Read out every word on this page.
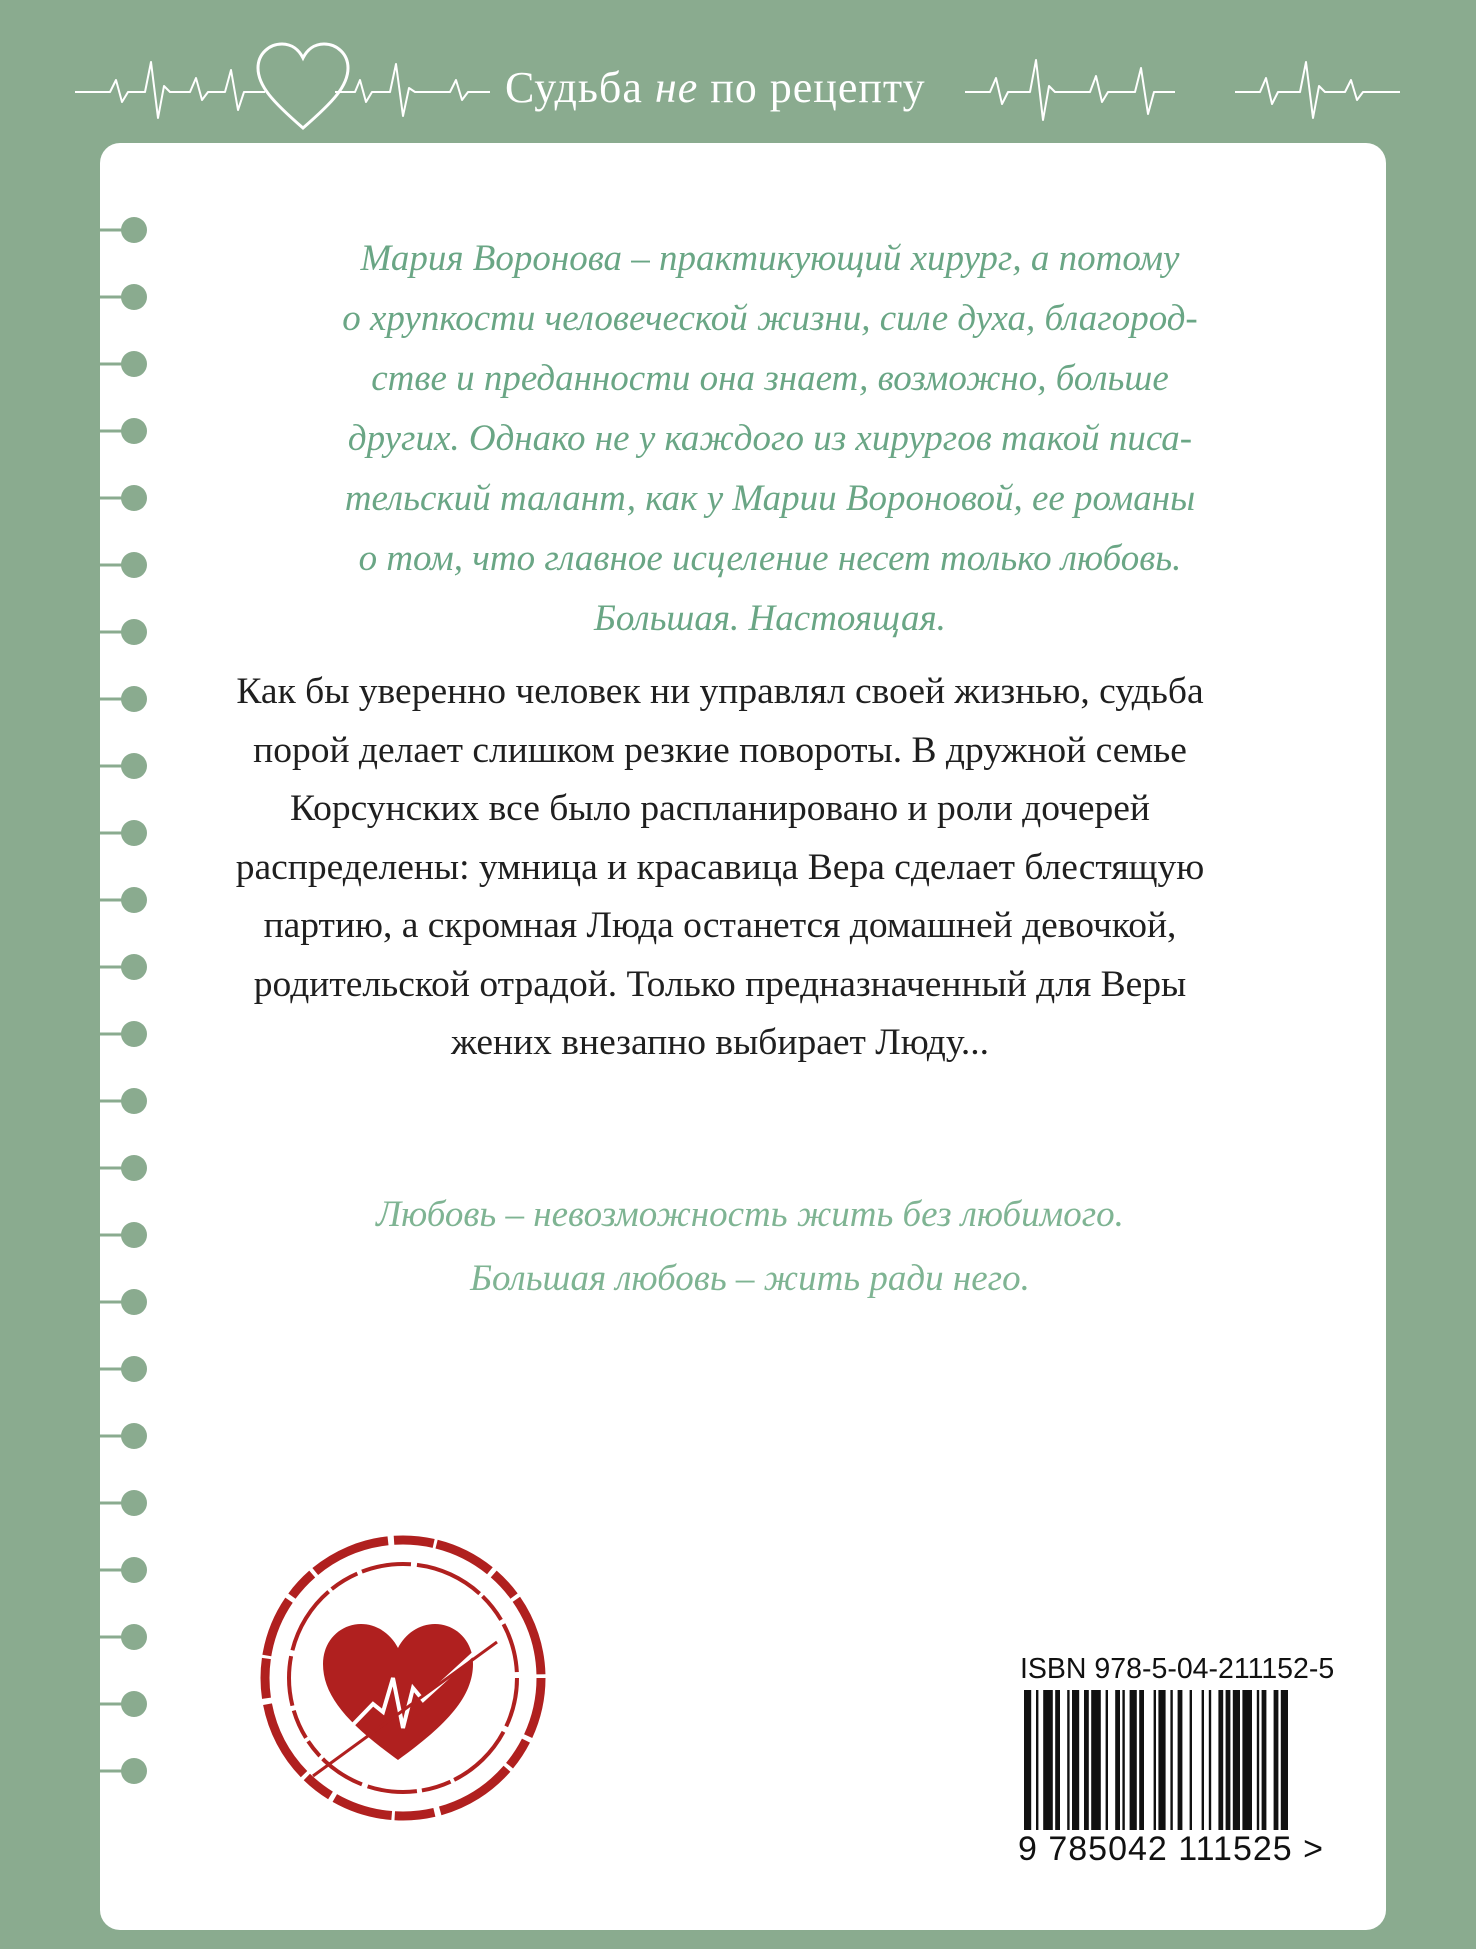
Судьба не по рецепту
Мария Воронова – практикующий хирург, а потому
о хрупкости человеческой жизни, силе духа, благород-
стве и преданности она знает, возможно, больше
других. Однако не у каждого из хирургов такой писа-
тельский талант, как у Марии Вороновой, ее романы
о том, что главное исцеление несет только любовь.
Большая. Настоящая.
Как бы уверенно человек ни управлял своей жизнью, судьба
порой делает слишком резкие повороты. В дружной семье
Корсунских все было распланировано и роли дочерей
распределены: умница и красавица Вера сделает блестящую
партию, а скромная Люда останется домашней девочкой,
родительской отрадой. Только предназначенный для Веры
жених внезапно выбирает Люду...
Любовь – невозможность жить без любимого.
Большая любовь – жить ради него.
ISBN 978-5-04-211152-5
9 785042 111525 >
